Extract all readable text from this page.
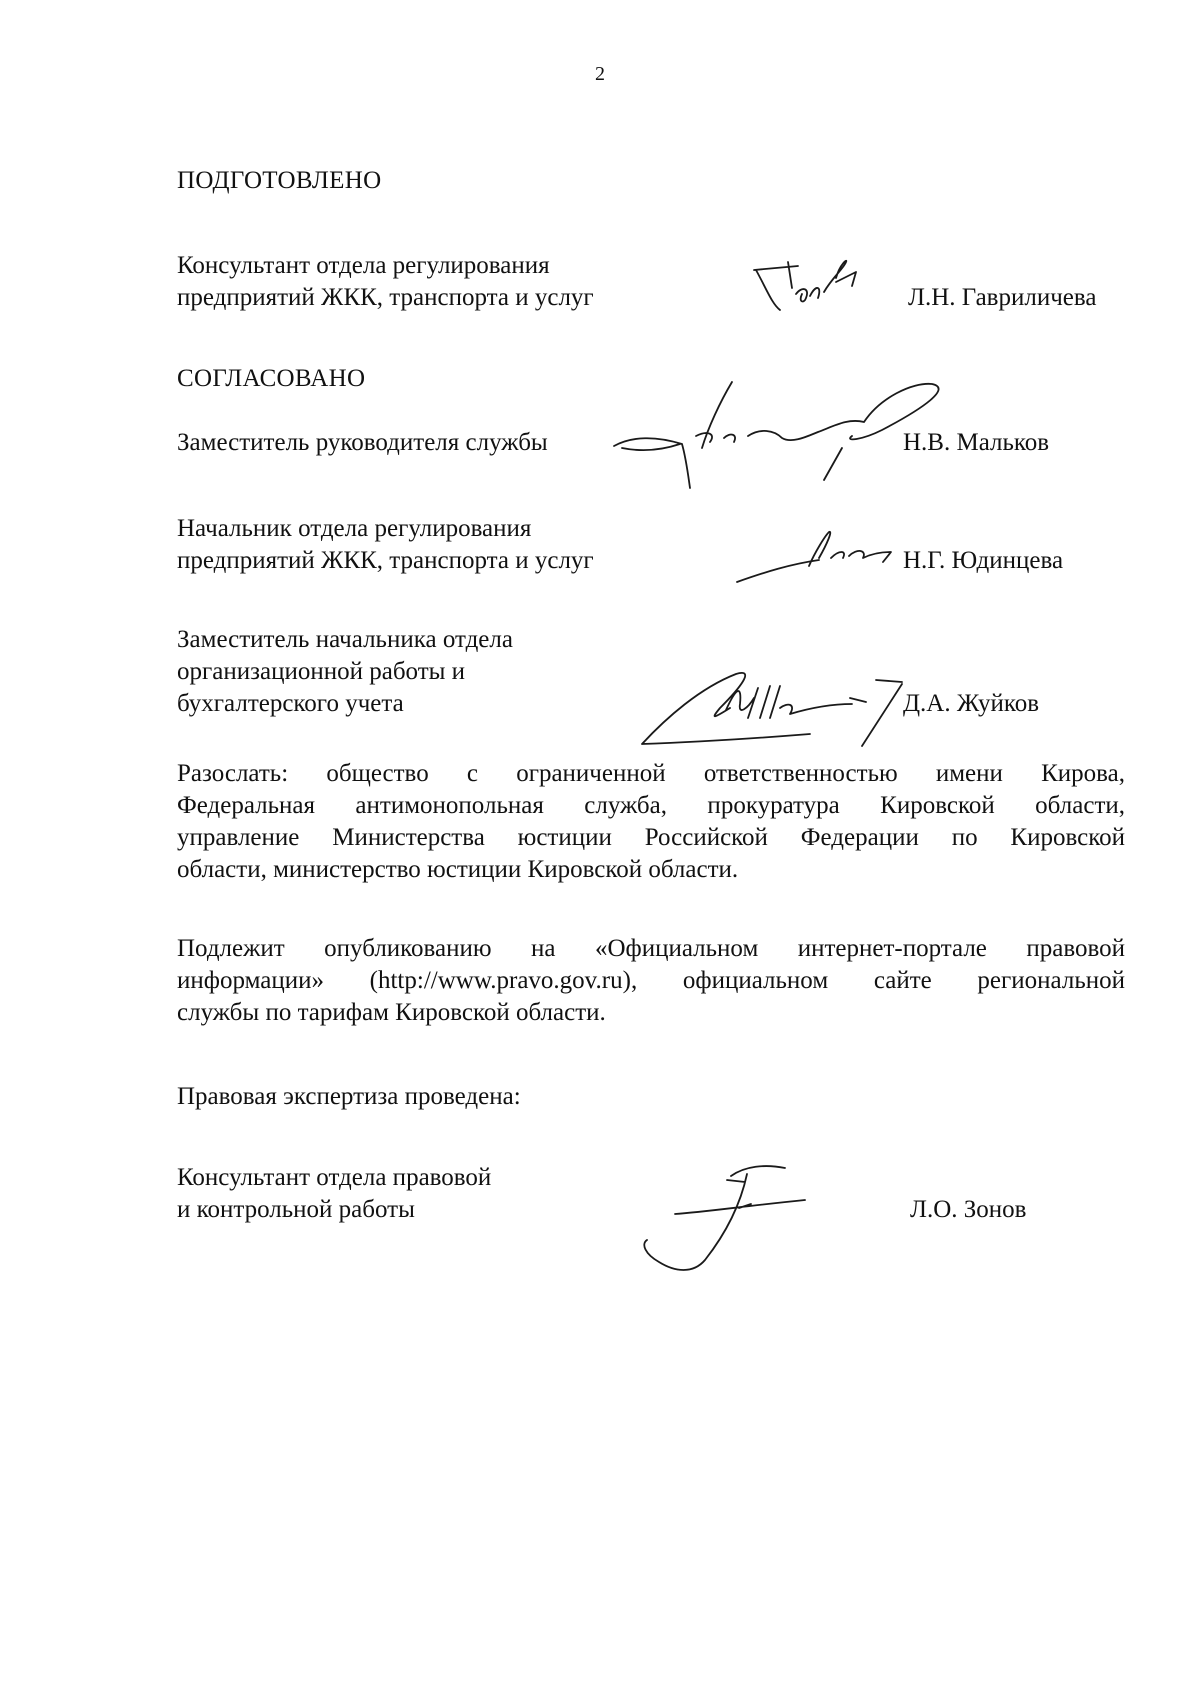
2

ПОДГОТОВЛЕНО

Консультант отдела регулирования

предприятий ЖКК, транспорта и услуг	Л.Н. Гавриличева

СОГЛАСОВАНО

Заместитель руководителя службы	Н.В. Мальков

Начальник отдела регулирования

предприятий ЖКК, транспорта и услуг	Н.Г. Юдинцева

Заместитель начальника отдела

организационной работы и

бухгалтерского учета	Д.А. Жуйков

Разослать: общество с ограниченной ответственностью имени Кирова,
Федеральная антимонопольная служба, прокуратура Кировской области,
управление Министерства юстиции Российской Федерации по Кировской
области, министерство юстиции Кировской области.

Подлежит опубликованию на «Официальном интернет-портале правовой
информации» (http://www.pravo.gov.ru), официальном сайте региональной
службы по тарифам Кировской области.

Правовая экспертиза проведена:

Консультант отдела правовой

и контрольной работы	Л.О. Зонов
